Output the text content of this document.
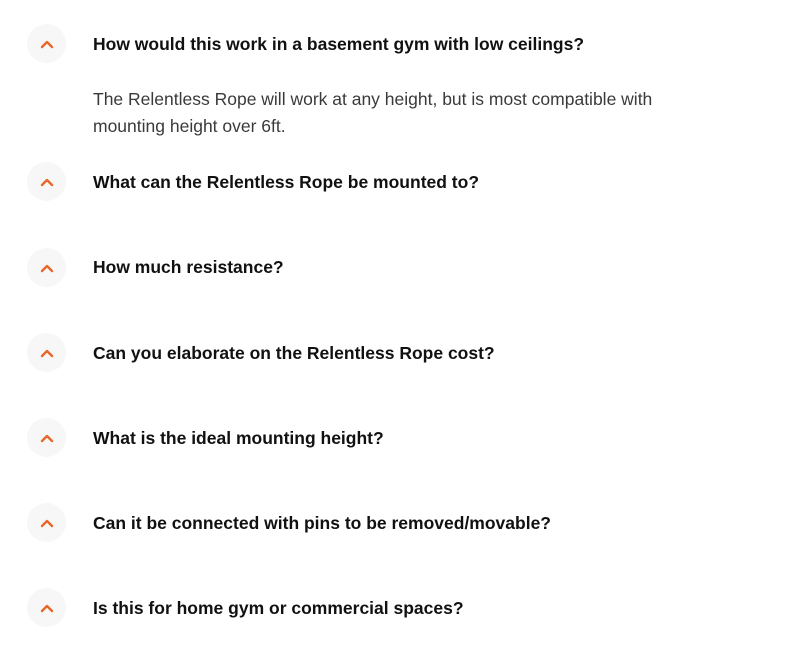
How would this work in a basement gym with low ceilings?
The Relentless Rope will work at any height, but is most compatible with mounting height over 6ft.
What can the Relentless Rope be mounted to?
How much resistance?
Can you elaborate on the Relentless Rope cost?
What is the ideal mounting height?
Can it be connected with pins to be removed/movable?
Is this for home gym or commercial spaces?
